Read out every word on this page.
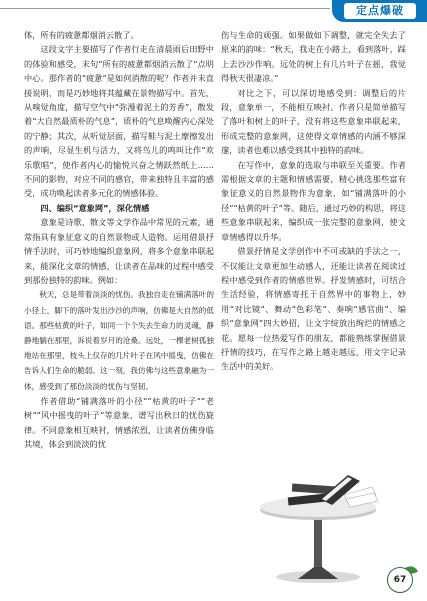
定点爆破

体，所有的疲惫都烟消云散了。

这段文字主要描写了作者行走在清晨雨后田野中的体验和感受，末句“所有的疲惫都烟消云散了”点明中心。那作者的“疲惫”是如何消散的呢？作者并未直接说明，而是巧妙地将其蕴藏在景物描写中。首先，从嗅觉角度，描写空气中“弥漫着泥土的芳香”，散发着“大自然最质朴的气息”，质朴的气息唤醒内心深处的宁静；其次，从听觉层面，描写鞋与泥土摩擦发出的声响，尽显生机与活力，又将鸟儿的鸣叫比作“欢乐歌唱”，使作者内心的愉悦兴奋之情跃然纸上……不同的影物，对应不同的感官，带来独特且丰富的感受，成功唤起读者多元化的情感体验。

四、编织“意象网”，深化情感

意象是诗歌、散文等文学作品中常见的元素，通常指具有象征意义的自然景物或人造物。运用借景抒情手法时，可巧妙地编织意象网，将多个意象串联起来，能深化文章的情感，让读者在品味的过程中感受到那份独特的韵味。例如：

秋天，总是带着淡淡的忧伤。我独自走在铺满落叶的小径上，脚下的落叶发出沙沙的声响，仿佛是大自然的低语。那些枯黄的叶子，如同一个个失去生命力的灵魂，静静地躺在那里，诉说着岁月的沧桑。远处，一棵老树孤独地站在那里，枝头上仅存的几片叶子在风中摇曳，仿佛在告诉人们生命的脆弱。这一刻，我仿佛与这些意象融为一体，感受到了那份淡淡的忧伤与坚韧。

作者借助“铺满落叶的小径”“枯黄的叶子”“老树”“风中摇曳的叶子”等意象，谱写出秋日的忧伤旋律。不同意象相互映衬，情感浓烈，让读者仿佛身临其境，体会到淡淡的忧

伤与生命的顽强。如果做如下调整，就完全失去了原来的韵味：“秋天，我走在小路上，看到落叶，踩上去沙沙作响。远处的树上有几片叶子在摇，我觉得秋天很凄凉。”

对比之下，可以深切地感受到：调整后的片段，意象单一，不能相互映衬。作者只是简单描写了落叶和树上的叶子，没有将这些意象串联起来，形成完整的意象网，这使得文章情感的内涵不够深邃，读者也难以感受到其中独特的韵味。

在写作中，意象的选取与串联至关重要。作者需根据文章的主题和情感需要，精心挑选那些富有象征意义的自然景物作为意象，如“铺满落叶的小径”“枯黄的叶子”等。随后，通过巧妙的构思，将这些意象串联起来，编织成一张完整的意象网，使文章情感得以升华。

借景抒情是文学创作中不可或缺的手法之一，不仅能让文章更加生动感人，还能让读者在阅读过程中感受到作者的情感世界。抒发情感时，可结合生活经验，将情感寄托于自然界中的事物上，妙用“对比镜”、舞动“色彩笔”、奏响“感官曲”、编织“意象网”四大妙招，让文字绽放出绚烂的情感之花。愿每一位热爱写作的朋友，都能熟练掌握借景抒情的技巧，在写作之路上越走越远，用文字记录生活中的美好。

67
